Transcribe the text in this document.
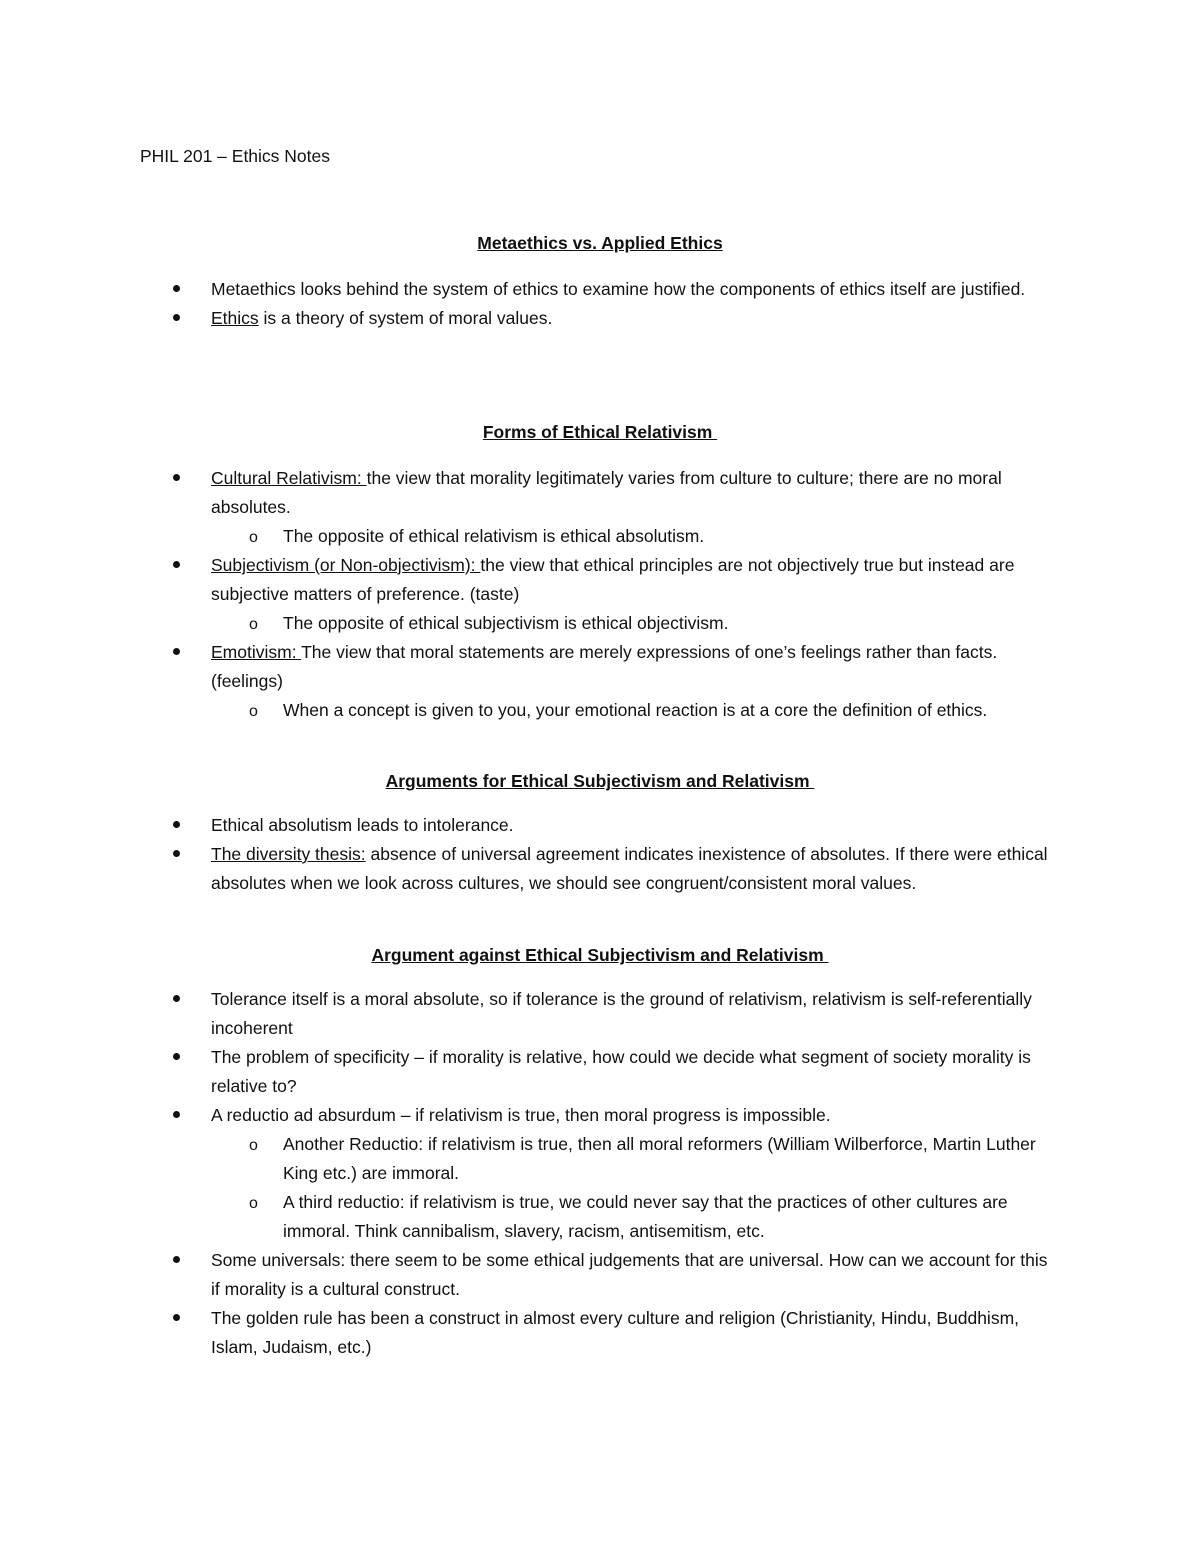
PHIL 201 – Ethics Notes
Metaethics vs. Applied Ethics
Metaethics looks behind the system of ethics to examine how the components of ethics itself are justified.
Ethics is a theory of system of moral values.
Forms of Ethical Relativism
Cultural Relativism: the view that morality legitimately varies from culture to culture; there are no moral absolutes.
o The opposite of ethical relativism is ethical absolutism.
Subjectivism (or Non-objectivism): the view that ethical principles are not objectively true but instead are subjective matters of preference. (taste)
o The opposite of ethical subjectivism is ethical objectivism.
Emotivism: The view that moral statements are merely expressions of one’s feelings rather than facts. (feelings)
o When a concept is given to you, your emotional reaction is at a core the definition of ethics.
Arguments for Ethical Subjectivism and Relativism
Ethical absolutism leads to intolerance.
The diversity thesis: absence of universal agreement indicates inexistence of absolutes. If there were ethical absolutes when we look across cultures, we should see congruent/consistent moral values.
Argument against Ethical Subjectivism and Relativism
Tolerance itself is a moral absolute, so if tolerance is the ground of relativism, relativism is self-referentially incoherent
The problem of specificity – if morality is relative, how could we decide what segment of society morality is relative to?
A reductio ad absurdum – if relativism is true, then moral progress is impossible.
o Another Reductio: if relativism is true, then all moral reformers (William Wilberforce, Martin Luther King etc.) are immoral.
o A third reductio: if relativism is true, we could never say that the practices of other cultures are immoral. Think cannibalism, slavery, racism, antisemitism, etc.
Some universals: there seem to be some ethical judgements that are universal. How can we account for this if morality is a cultural construct.
The golden rule has been a construct in almost every culture and religion (Christianity, Hindu, Buddhism, Islam, Judaism, etc.)
